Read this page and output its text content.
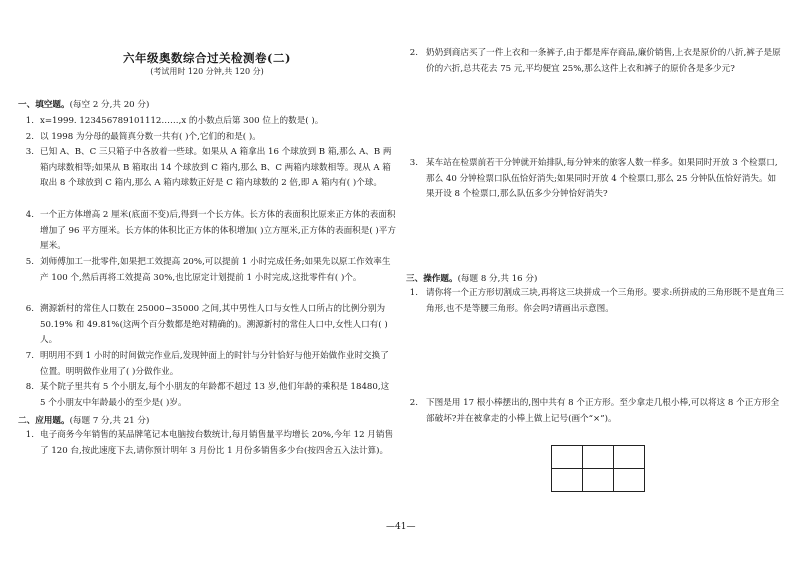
六年级奥数综合过关检测卷(二)
(考试用时 120 分钟,共 120 分)
一、填空题。(每空 2 分,共 20 分)
1. x=1999. 123456789101112……,x 的小数点后第 300 位上的数是( )。
2. 以 1998 为分母的最简真分数一共有( )个,它们的和是( )。
3. 已知 A、B、C 三只箱子中各放着一些球。如果从 A 箱拿出 16 个球放到 B 箱,那么 A、B 两箱内球数相等;如果从 B 箱取出 14 个球放到 C 箱内,那么 B、C 两箱内球数相等。现从 A 箱取出 8 个球放到 C 箱内,那么 A 箱内球数正好是 C 箱内球数的 2 倍,即 A 箱内有( )个球。
4. 一个正方体增高 2 厘米(底面不变)后,得到一个长方体。长方体的表面积比原来正方体的表面积增加了 96 平方厘米。长方体的体积比正方体的体积增加( )立方厘米,正方体的表面积是( )平方厘米。
5. 刘师傅加工一批零件,如果把工效提高 20%,可以提前 1 小时完成任务;如果先以原工作效率生产 100 个,然后再将工效提高 30%,也比原定计划提前 1 小时完成,这批零件有( )个。
6. 溯源新村的常住人口数在 25000~35000 之间,其中男性人口与女性人口所占的比例分别为 50.19% 和 49.81%(这两个百分数都是绝对精确的)。溯源新村的常住人口中,女性人口有( )人。
7. 明明用不到 1 小时的时间做完作业后,发现钟面上的时针与分针恰好与他开始做作业时交换了位置。明明做作业用了( )分做作业。
8. 某个院子里共有 5 个小朋友,每个小朋友的年龄都不超过 13 岁,他们年龄的乘积是 18480,这 5 个小朋友中年龄最小的至少是( )岁。
二、应用题。(每题 7 分,共 21 分)
1. 电子商务今年销售的某品牌笔记本电脑按台数统计,每月销售量平均增长 20%,今年 12 月销售了 120 台,按此速度下去,请你预计明年 3 月份比 1 月份多销售多少台(按四舍五入法计算)。
2. 奶奶到商店买了一件上衣和一条裤子,由于都是库存商品,廉价销售,上衣是原价的八折,裤子是原价的六折,总共花去 75 元,平均便宜 25%,那么这件上衣和裤子的原价各是多少元?
3. 某车站在检票前若干分钟就开始排队,每分钟来的旅客人数一样多。如果同时开放 3 个检票口,那么 40 分钟检票口队伍恰好消失;如果同时开放 4 个检票口,那么 25 分钟队伍恰好消失。如果开设 8 个检票口,那么队伍多少分钟恰好消失?
三、操作题。(每题 8 分,共 16 分)
1. 请你将一个正方形切割成三块,再将这三块拼成一个三角形。要求:所拼成的三角形既不是直角三角形,也不是等腰三角形。你会吗?请画出示意图。
2. 下图是用 17 根小棒摆出的,图中共有 8 个正方形。至少拿走几根小棒,可以将这 8 个正方形全部破坏?并在被拿走的小棒上做上记号(画个“×”)。

—41—
